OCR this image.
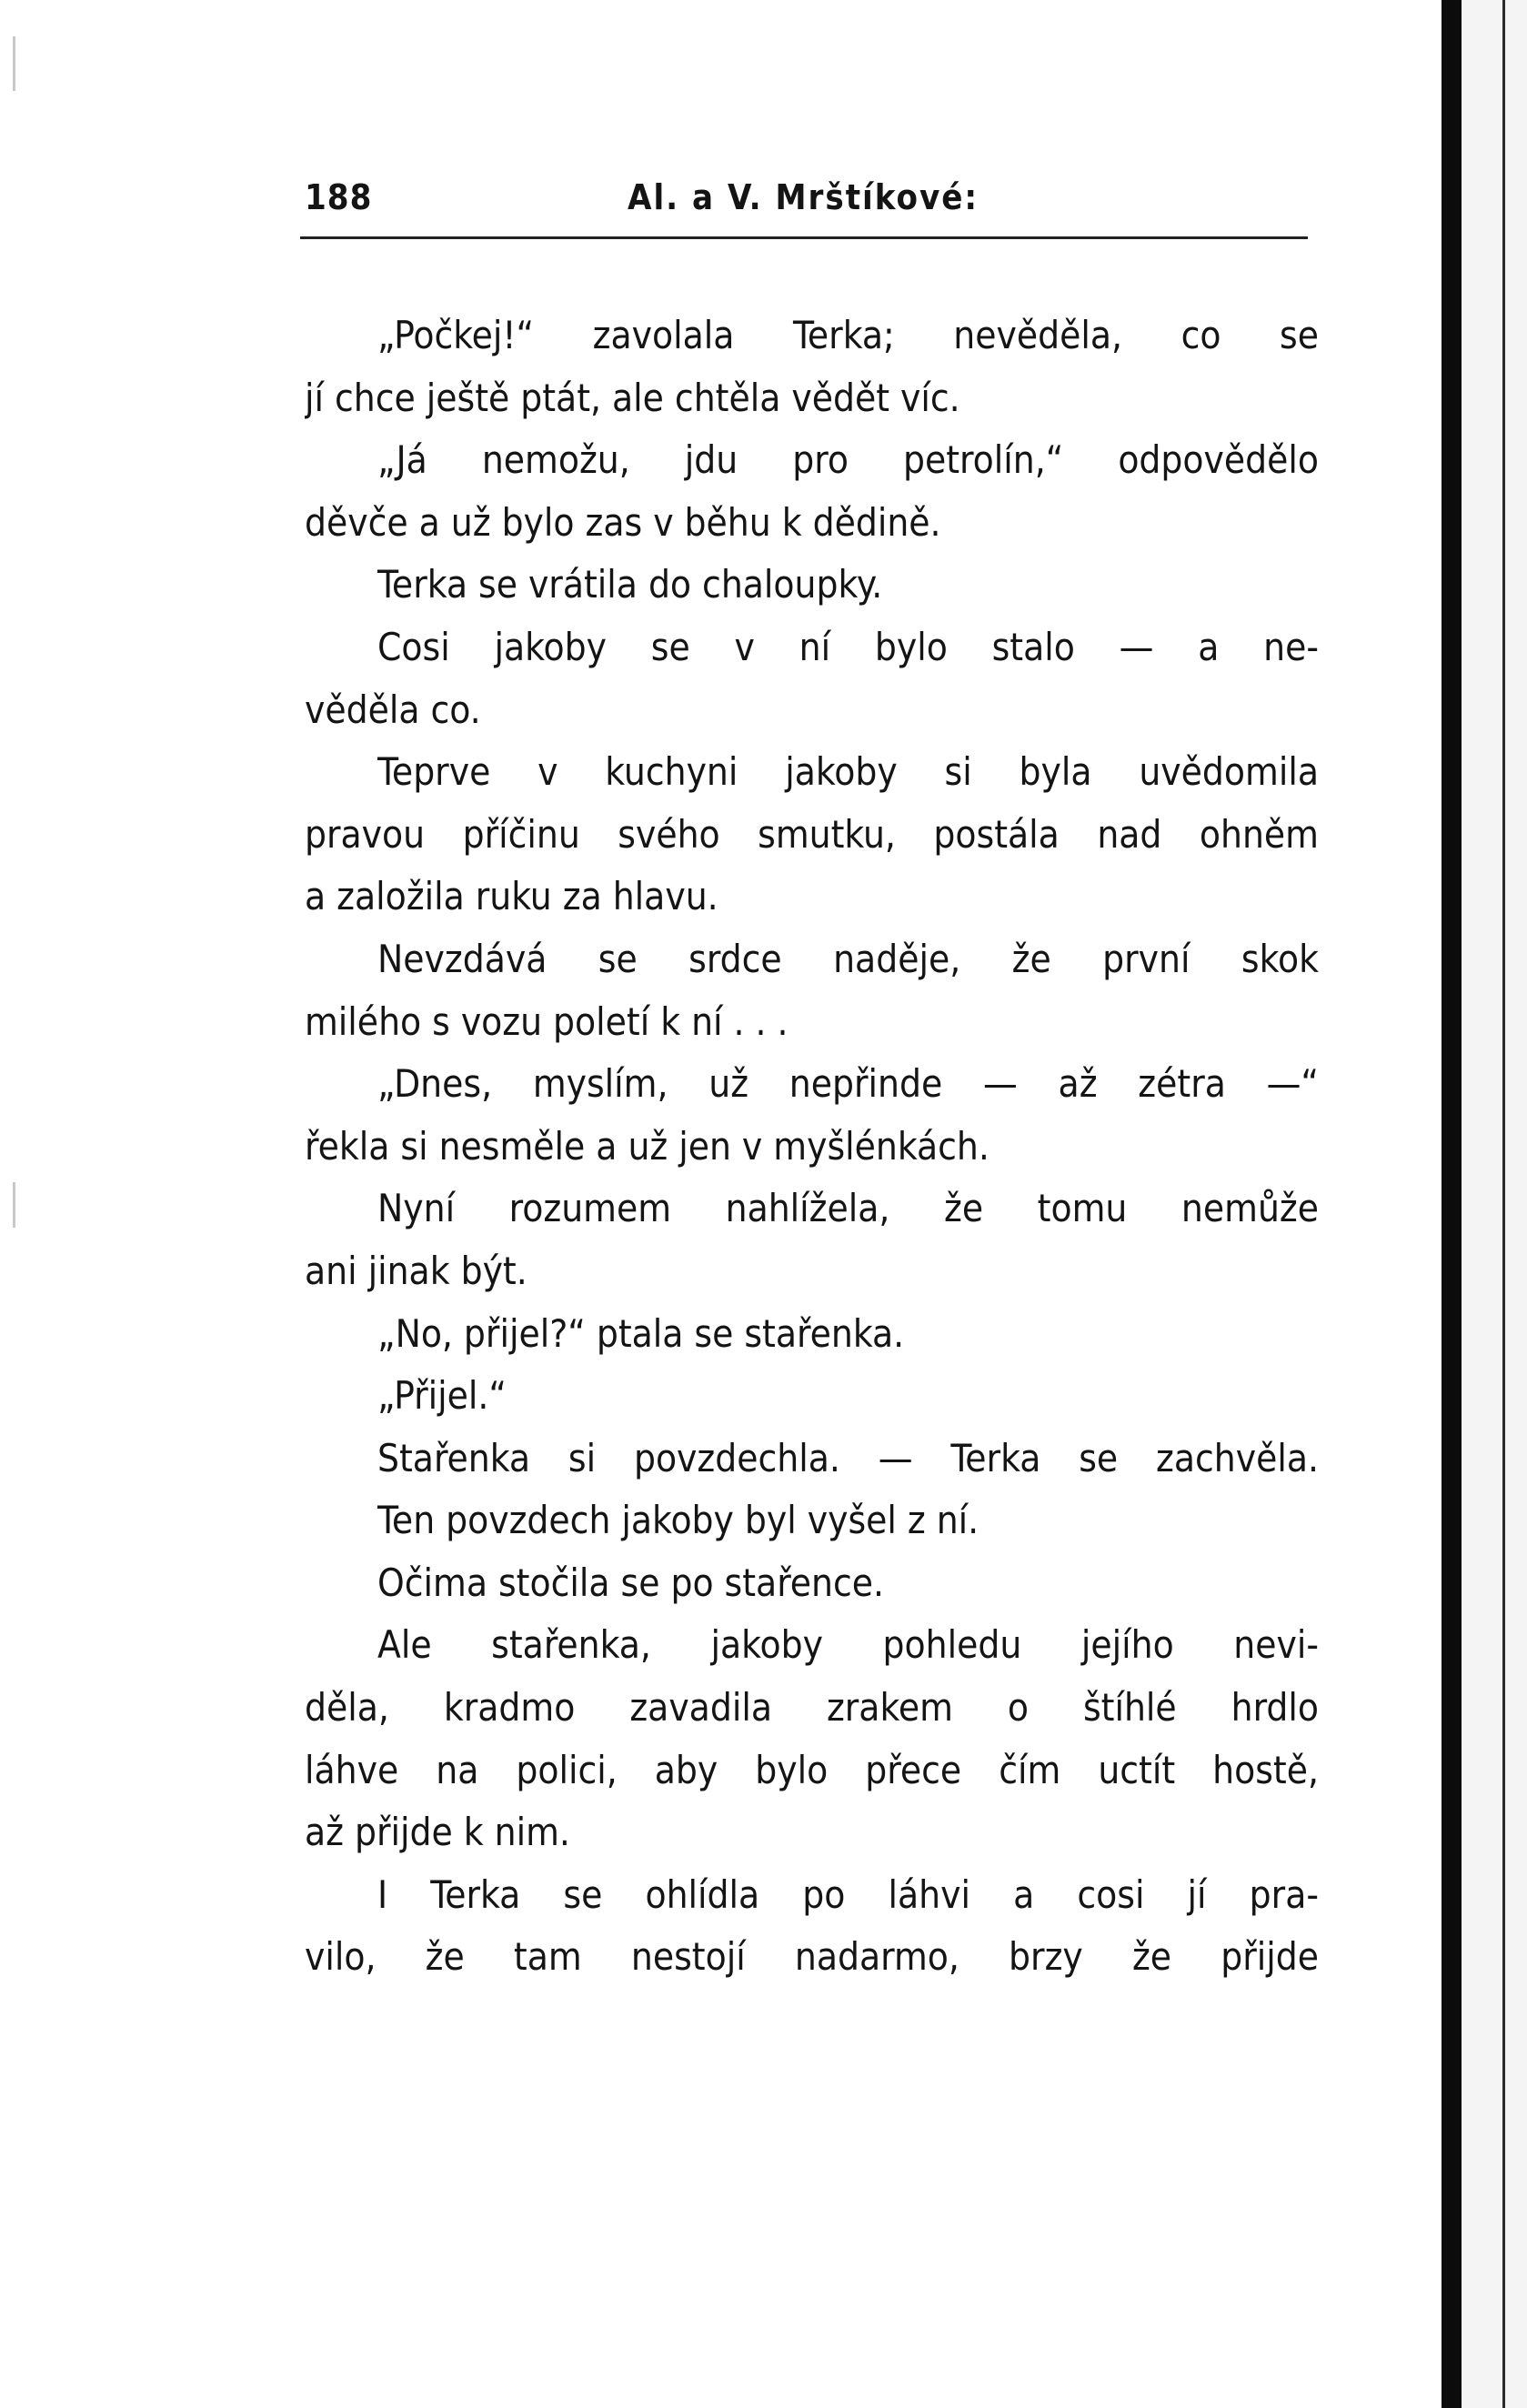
188	Al. a V. Mrštíkové:
„Počkej!“ zavolala Terka; nevěděla, co se
jí chce ještě ptát, ale chtěla vědět víc.
„Já nemožu, jdu pro petrolín,“ odpovědělo
děvče a už bylo zas v běhu k dědině.
Terka se vrátila do chaloupky.
Cosi jakoby se v ní bylo stalo — a ne-
věděla co.
Teprve v kuchyni jakoby si byla uvědomila
pravou příčinu svého smutku, postála nad ohněm
a založila ruku za hlavu.
Nevzdává se srdce naděje, že první skok
milého s vozu poletí k ní . . .
„Dnes, myslím, už nepřinde — až zétra —“
řekla si nesměle a už jen v myšlénkách.
Nyní rozumem nahlížela, že tomu nemůže
ani jinak být.
„No, přijel?“ ptala se stařenka.
„Přijel.“
Stařenka si povzdechla. — Terka se zachvěla.
Ten povzdech jakoby byl vyšel z ní.
Očima stočila se po stařence.
Ale stařenka, jakoby pohledu jejího nevi-
děla, kradmo zavadila zrakem o štíhlé hrdlo
láhve na polici, aby bylo přece čím uctít hostě,
až přijde k nim.
I Terka se ohlídla po láhvi a cosi jí pra-
vilo, že tam nestojí nadarmo, brzy že přijde
